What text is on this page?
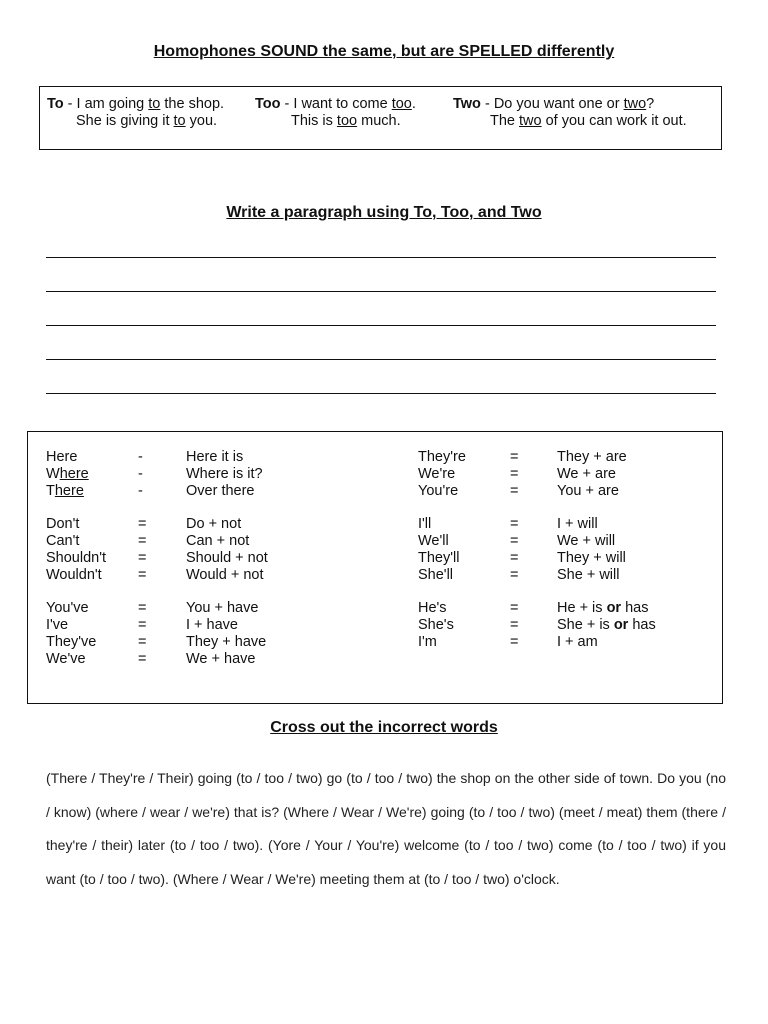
Homophones SOUND the same, but are SPELLED differently
To - I am going to the shop.
She is giving it to you.
Too - I want to come too.
This is too much.
Two - Do you want one or two?
The two of you can work it out.
Write a paragraph using To, Too, and Two
Here	-	Here it is
Where	-	Where is it?
There	-	Over there
Don't	=	Do + not
Can't	=	Can + not
Shouldn't =	Should + not
Wouldn't	=	Would + not
You've	=	You + have
I've	=	I + have
They've	=	They + have
We've	=	We + have
They're	=	They + are
We're	=	We + are
You're	=	You + are
I'll	=	I + will
We'll	=	We + will
They'll	=	They + will
She'll	=	She + will
He's	=	He + is or has
She's	=	She + is or has
I'm	=	I + am
Cross out the incorrect words
(There / They're / Their) going (to / too / two) go (to / too / two) the shop on the other side of town. Do you (no / know) (where / wear / we're) that is? (Where / Wear / We're) going (to / too / two) (meet / meat) them (there / they're / their) later (to / too / two). (Yore / Your / You're) welcome (to / too / two) come (to / too / two) if you want (to / too / two). (Where / Wear / We're) meeting them at (to / too / two) o'clock.
